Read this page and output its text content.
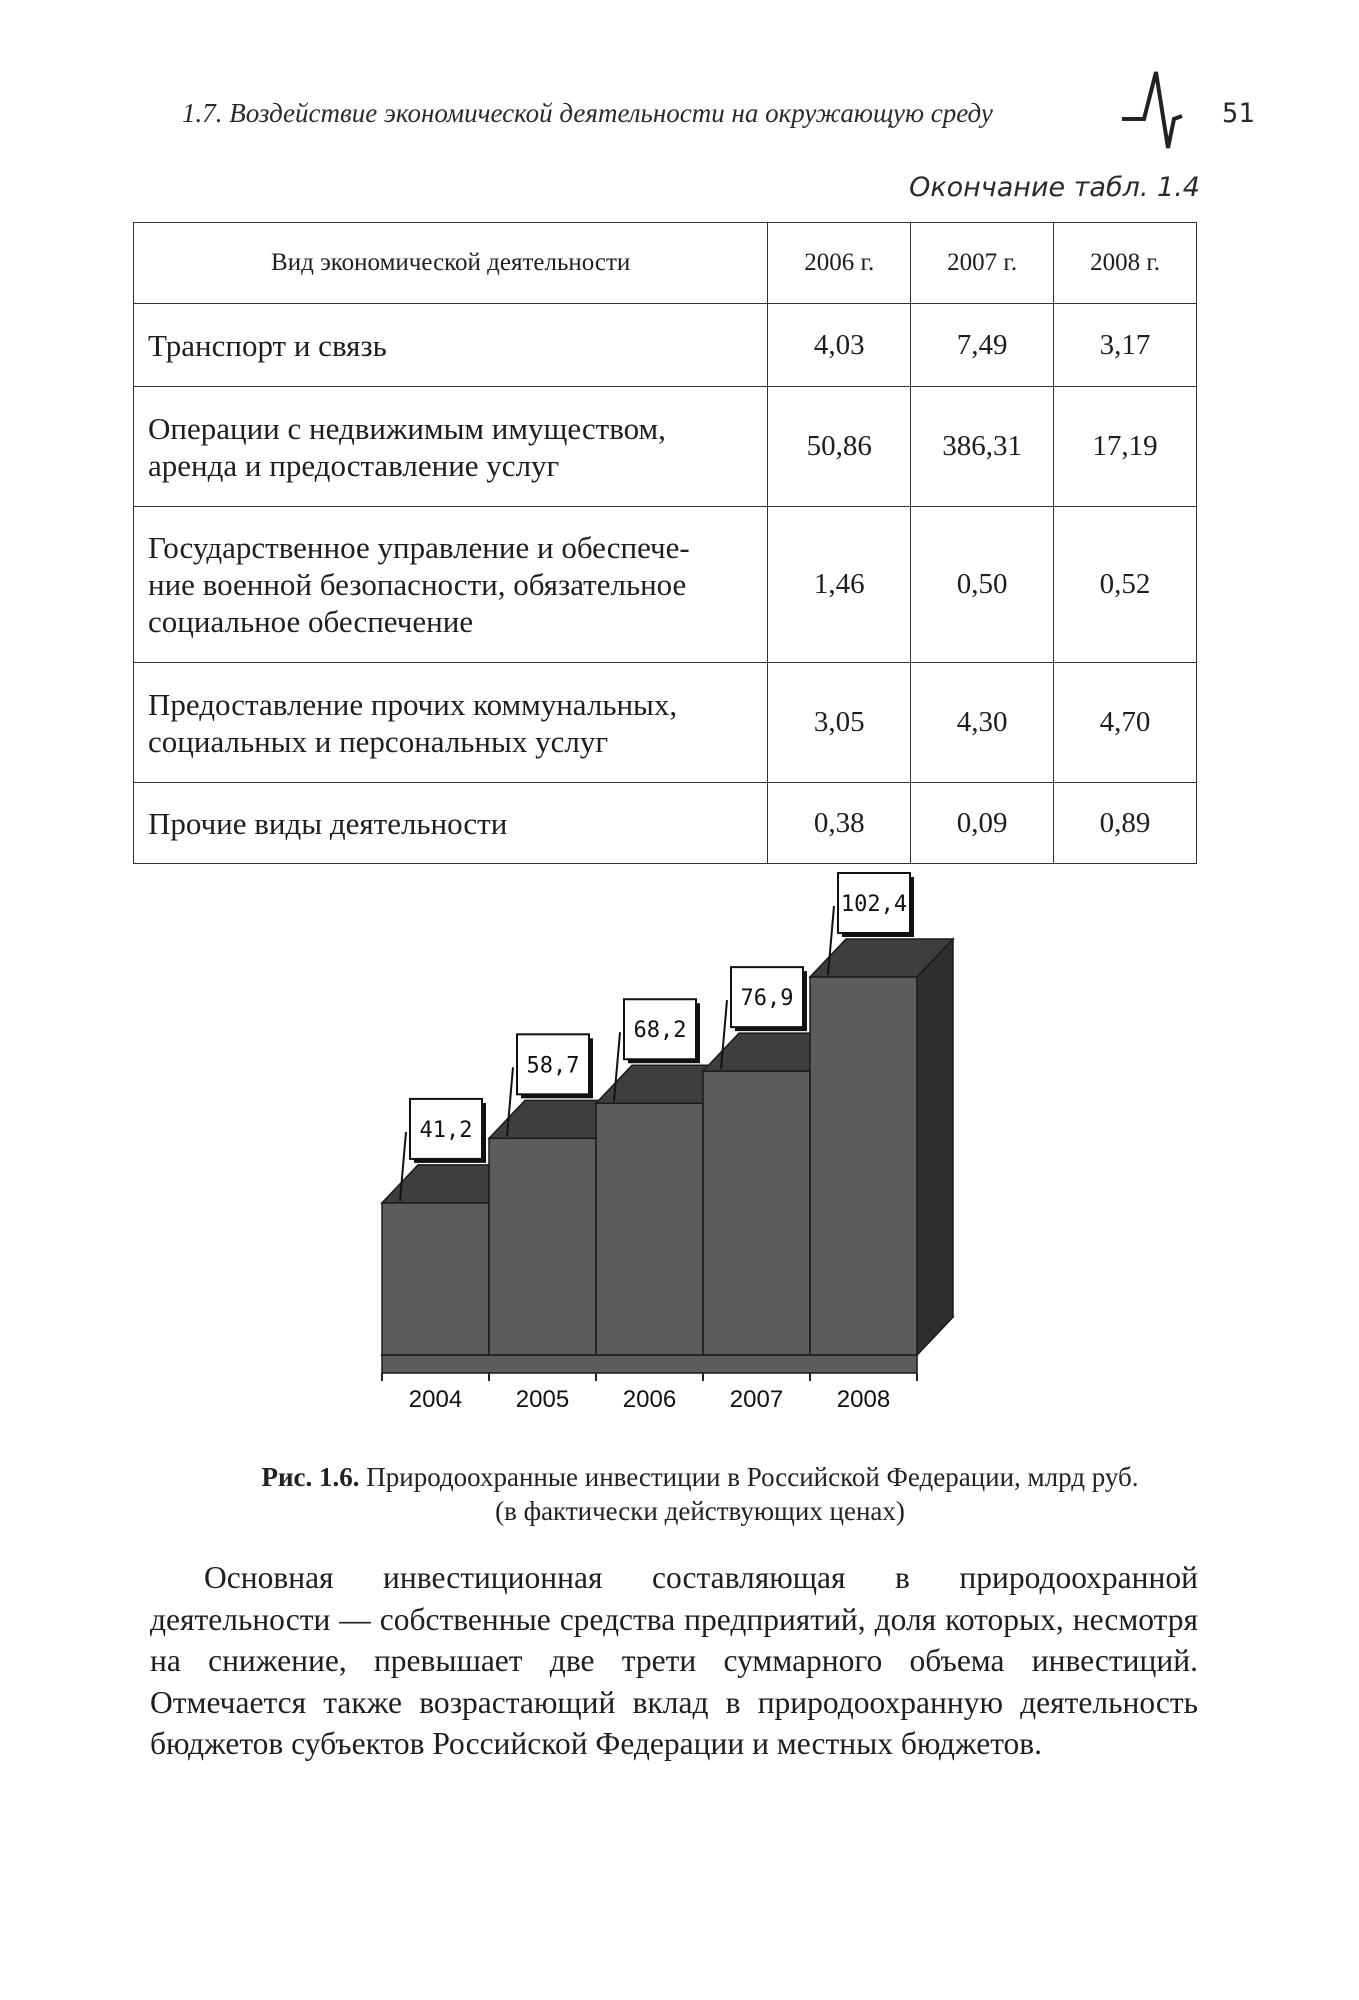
1.7. Воздействие экономической деятельности на окружающую среду	51
Окончание табл. 1.4
Вид экономической деятельности	2006 г.	2007 г.	2008 г.
Транспорт и связь	4,03	7,49	3,17
Операции с недвижимым имуществом,
аренда и предоставление услуг	50,86	386,31	17,19
Государственное управление и обеспече-
ние военной безопасности, обязательное
социальное обеспечение	1,46	0,50	0,52
Предоставление прочих коммунальных,
социальных и персональных услуг	3,05	4,30	4,70
Прочие виды деятельности	0,38	0,09	0,89
41,2
2004
58,7
2005
68,2
2006
76,9
2007
102,4
2008
Рис. 1.6. Природоохранные инвестиции в Российской Федерации, млрд руб.
(в фактически действующих ценах)

Основная инвестиционная составляющая в природоохранной деятельности — собственные средства предприятий, доля которых, несмотря на снижение, превышает две трети суммарного объема инвестиций. Отмечается также возрастающий вклад в природоохранную деятельность бюджетов субъектов Российской Федерации и местных бюджетов.
